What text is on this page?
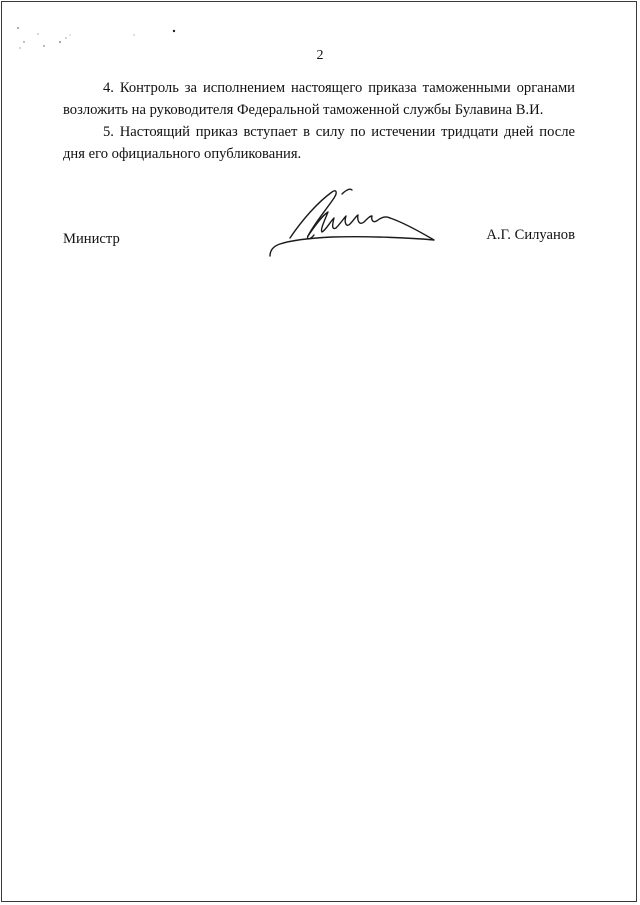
2

4. Контроль за исполнением настоящего приказа таможенными органами возложить на руководителя Федеральной таможенной службы Булавина В.И.

5. Настоящий приказ вступает в силу по истечении тридцати дней после дня его официального опубликования.

Министр	А.Г. Силуанов
